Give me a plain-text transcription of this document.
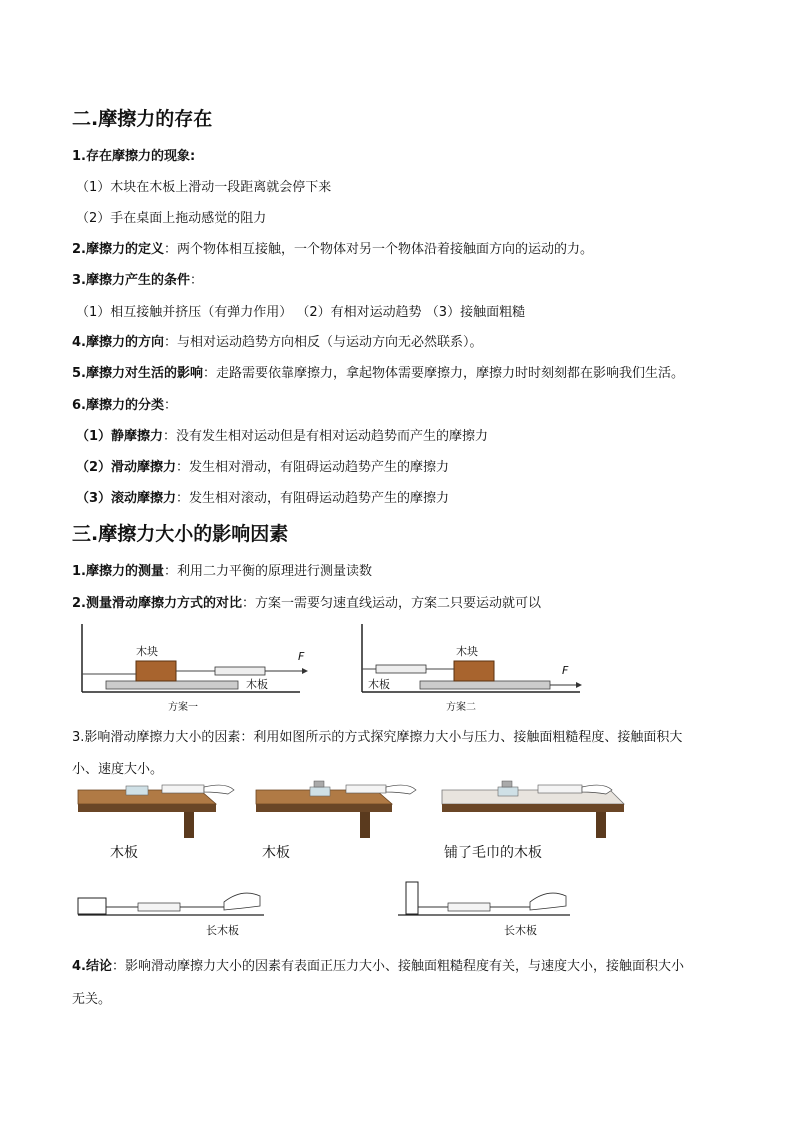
二.摩擦力的存在
1.存在摩擦力的现象:
（1）木块在木板上滑动一段距离就会停下来
（2）手在桌面上拖动感觉的阻力
2.摩擦力的定义：两个物体相互接触，一个物体对另一个物体沿着接触面方向的运动的力。
3.摩擦力产生的条件：
（1）相互接触并挤压（有弹力作用） （2）有相对运动趋势 （3）接触面粗糙
4.摩擦力的方向：与相对运动趋势方向相反（与运动方向无必然联系）。
5.摩擦力对生活的影响：走路需要依靠摩擦力，拿起物体需要摩擦力，摩擦力时时刻刻都在影响我们生活。
6.摩擦力的分类：
（1）静摩擦力：没有发生相对运动但是有相对运动趋势而产生的摩擦力
（2）滑动摩擦力：发生相对滑动，有阻碍运动趋势产生的摩擦力
（3）滚动摩擦力：发生相对滚动，有阻碍运动趋势产生的摩擦力
三.摩擦力大小的影响因素
1.摩擦力的测量：利用二力平衡的原理进行测量读数
2.测量滑动摩擦力方式的对比：方案一需要匀速直线运动，方案二只要运动就可以
木块
木板
F
方案一
木块
木板
F
方案二
3.影响滑动摩擦力大小的因素：利用如图所示的方式探究摩擦力大小与压力、接触面粗糙程度、接触面积大
小、速度大小。
木板	木板	铺了毛巾的木板
长木板	长木板
4.结论：影响滑动摩擦力大小的因素有表面正压力大小、接触面粗糙程度有关，与速度大小，接触面积大小
无关。
